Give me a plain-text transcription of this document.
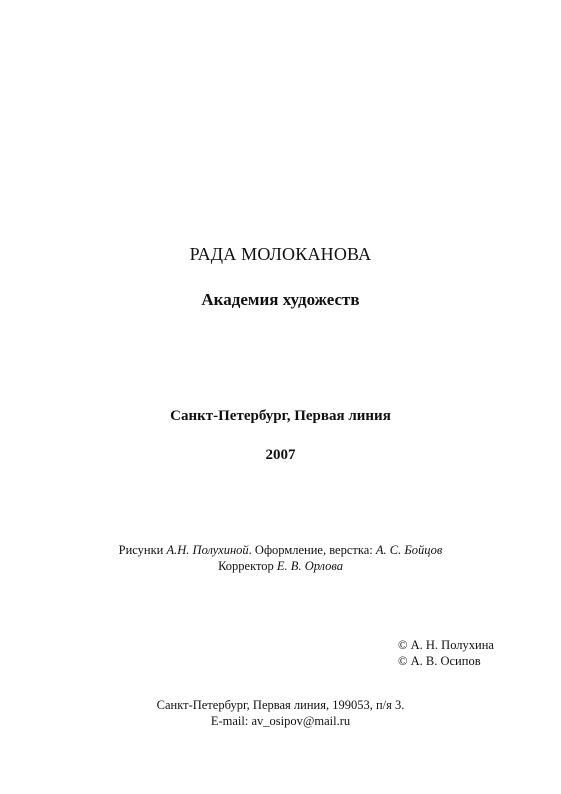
РАДА МОЛОКАНОВА
Академия художеств
Санкт-Петербург, Первая линия
2007
Рисунки А.Н. Полухиной. Оформление, верстка: А. С. Бойцов
Корректор Е. В. Орлова
© А. Н. Полухина
© А. В. Осипов
Санкт-Петербург, Первая линия, 199053, п/я 3.
E-mail: av_osipov@mail.ru
